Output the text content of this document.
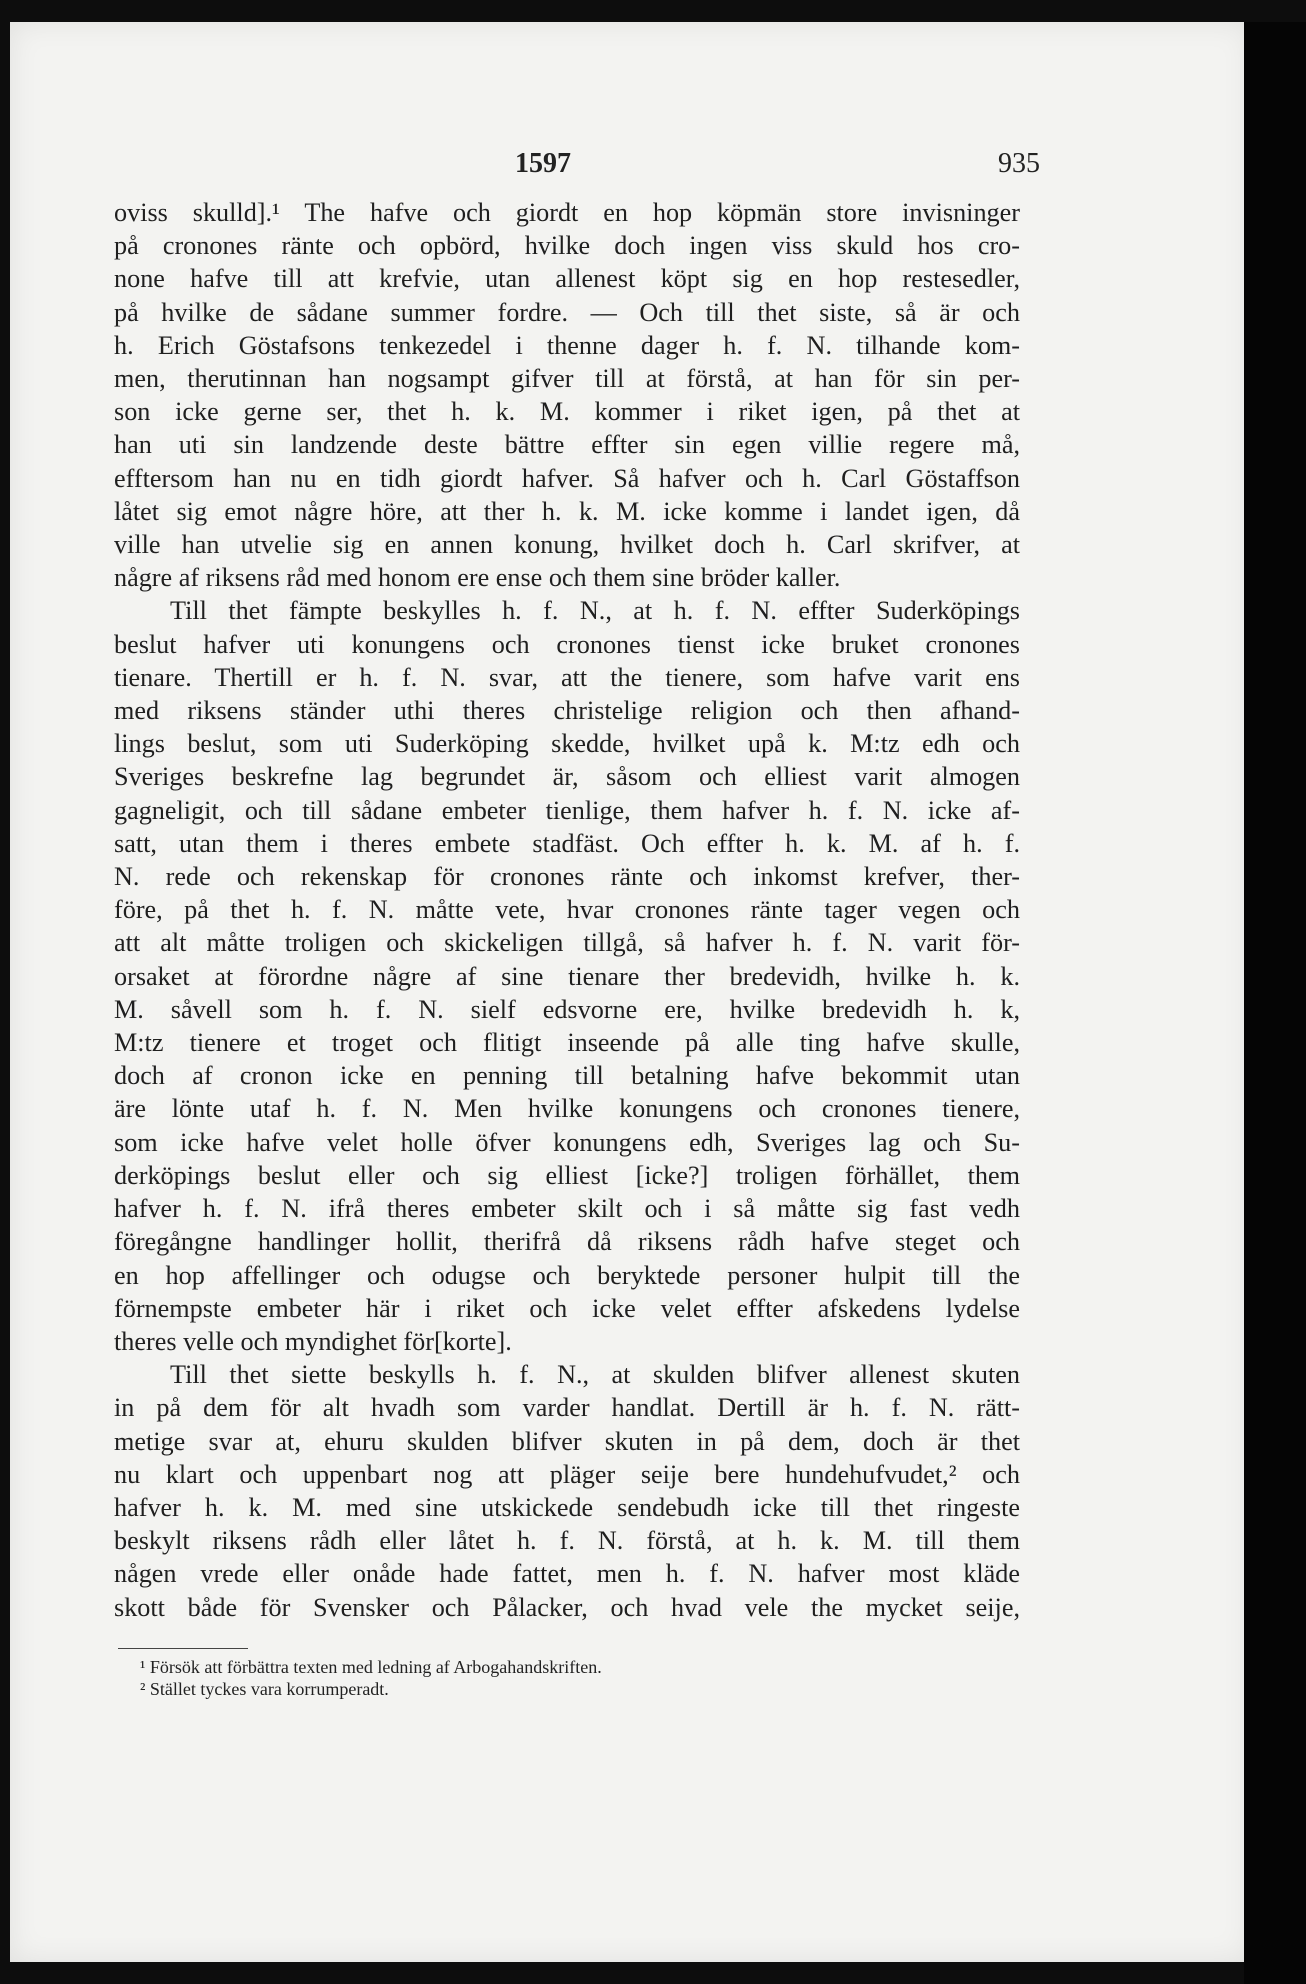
1597	935
oviss skulld].¹ The hafve och giordt en hop köpmän store invisninger
på cronones ränte och opbörd, hvilke doch ingen viss skuld hos cro-
none hafve till att krefvie, utan allenest köpt sig en hop restesedler,
på hvilke de sådane summer fordre. — Och till thet siste, så är och
h. Erich Göstafsons tenkezedel i thenne dager h. f. N. tilhande kom-
men, therutinnan han nogsampt gifver till at förstå, at han för sin per-
son icke gerne ser, thet h. k. M. kommer i riket igen, på thet at
han uti sin landzende deste bättre effter sin egen villie regere må,
efftersom han nu en tidh giordt hafver. Så hafver och h. Carl Göstaffson
låtet sig emot någre höre, att ther h. k. M. icke komme i landet igen, då
ville han utvelie sig en annen konung, hvilket doch h. Carl skrifver, at
någre af riksens råd med honom ere ense och them sine bröder kaller.
Till thet fämpte beskylles h. f. N., at h. f. N. effter Suderköpings
beslut hafver uti konungens och cronones tienst icke bruket cronones
tienare. Thertill er h. f. N. svar, att the tienere, som hafve varit ens
med riksens ständer uthi theres christelige religion och then afhand-
lings beslut, som uti Suderköping skedde, hvilket upå k. M:tz edh och
Sveriges beskrefne lag begrundet är, såsom och elliest varit almogen
gagneligit, och till sådane embeter tienlige, them hafver h. f. N. icke af-
satt, utan them i theres embete stadfäst. Och effter h. k. M. af h. f.
N. rede och rekenskap för cronones ränte och inkomst krefver, ther-
före, på thet h. f. N. måtte vete, hvar cronones ränte tager vegen och
att alt måtte troligen och skickeligen tillgå, så hafver h. f. N. varit för-
orsaket at förordne någre af sine tienare ther bredevidh, hvilke h. k.
M. såvell som h. f. N. sielf edsvorne ere, hvilke bredevidh h. k,
M:tz tienere et troget och flitigt inseende på alle ting hafve skulle,
doch af cronon icke en penning till betalning hafve bekommit utan
äre lönte utaf h. f. N. Men hvilke konungens och cronones tienere,
som icke hafve velet holle öfver konungens edh, Sveriges lag och Su-
derköpings beslut eller och sig elliest [icke?] troligen förhället, them
hafver h. f. N. ifrå theres embeter skilt och i så måtte sig fast vedh
föregångne handlinger hollit, therifrå då riksens rådh hafve steget och
en hop affellinger och odugse och beryktede personer hulpit till the
förnempste embeter här i riket och icke velet effter afskedens lydelse
theres velle och myndighet för[korte].
Till thet siette beskylls h. f. N., at skulden blifver allenest skuten
in på dem för alt hvadh som varder handlat. Dertill är h. f. N. rätt-
metige svar at, ehuru skulden blifver skuten in på dem, doch är thet
nu klart och uppenbart nog att pläger seije bere hundehufvudet,² och
hafver h. k. M. med sine utskickede sendebudh icke till thet ringeste
beskylt riksens rådh eller låtet h. f. N. förstå, at h. k. M. till them
någen vrede eller onåde hade fattet, men h. f. N. hafver most kläde
skott både för Svensker och Pålacker, och hvad vele the mycket seije,
¹ Försök att förbättra texten med ledning af Arbogahandskriften.
² Stället tyckes vara korrumperadt.
